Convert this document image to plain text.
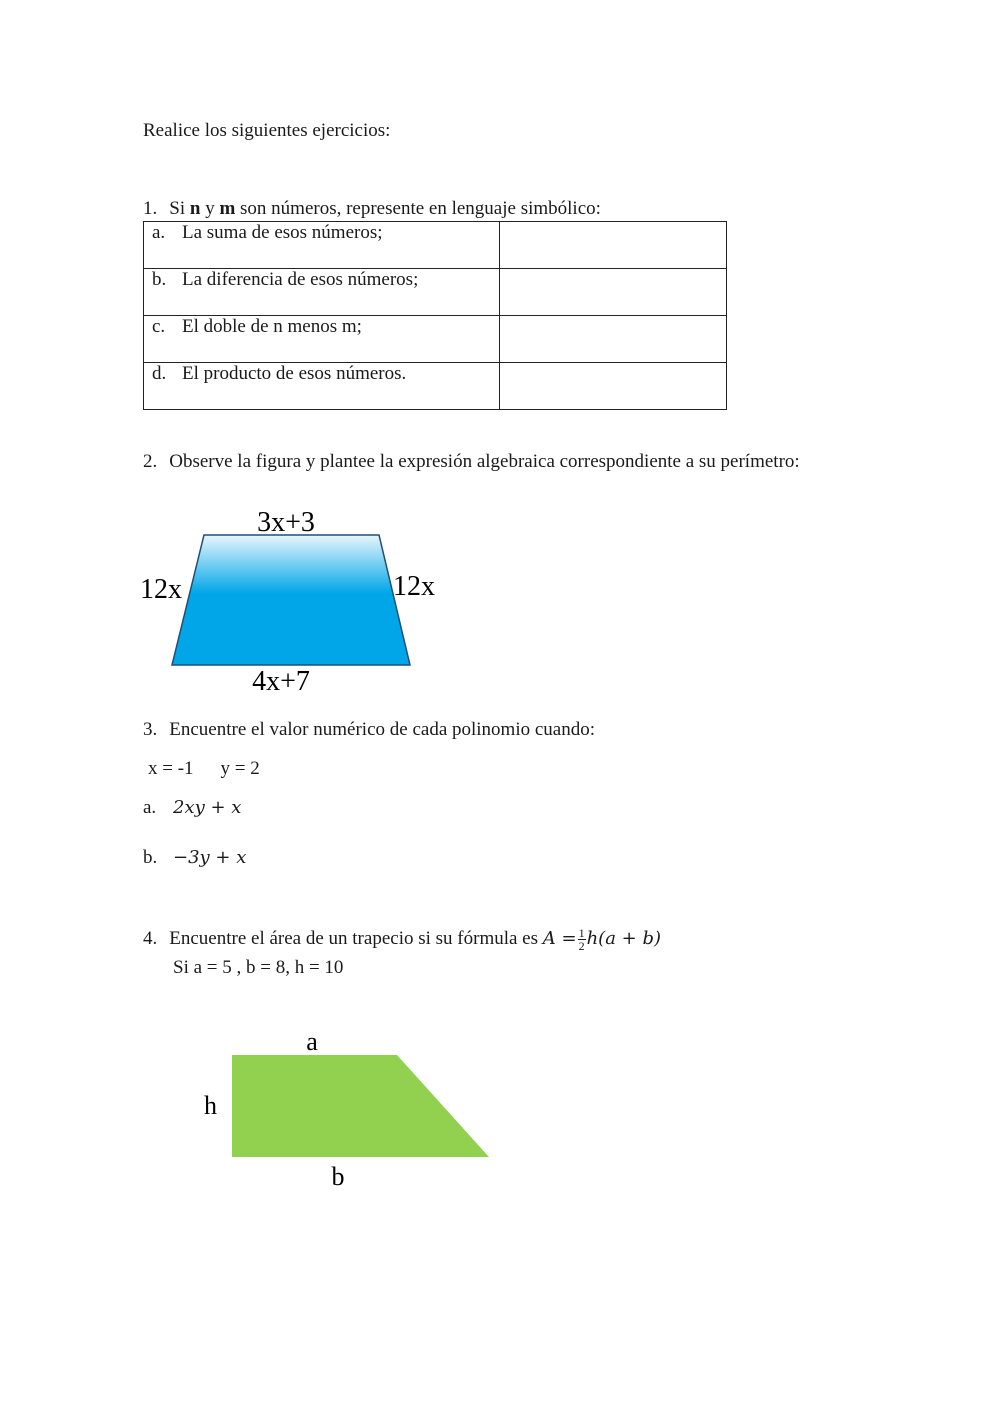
Realice los siguientes ejercicios:
1. Si n y m son números, represente en lenguaje simbólico:
a. La suma de esos números;	
b. La diferencia de esos números;	
c. El doble de n menos m;	
d. El producto de esos números.	
2. Observe la figura y plantee la expresión algebraica correspondiente a su perímetro:
3x+3
12x	12x
4x+7
3. Encuentre el valor numérico de cada polinomio cuando:
x = -1 y = 2
a. 2xy + x
b. −3y + x
4. Encuentre el área de un trapecio si su fórmula es $A = \frac{1}{2} h(a + b)$
Si a = 5 , b = 8, h = 10
a
h
b
